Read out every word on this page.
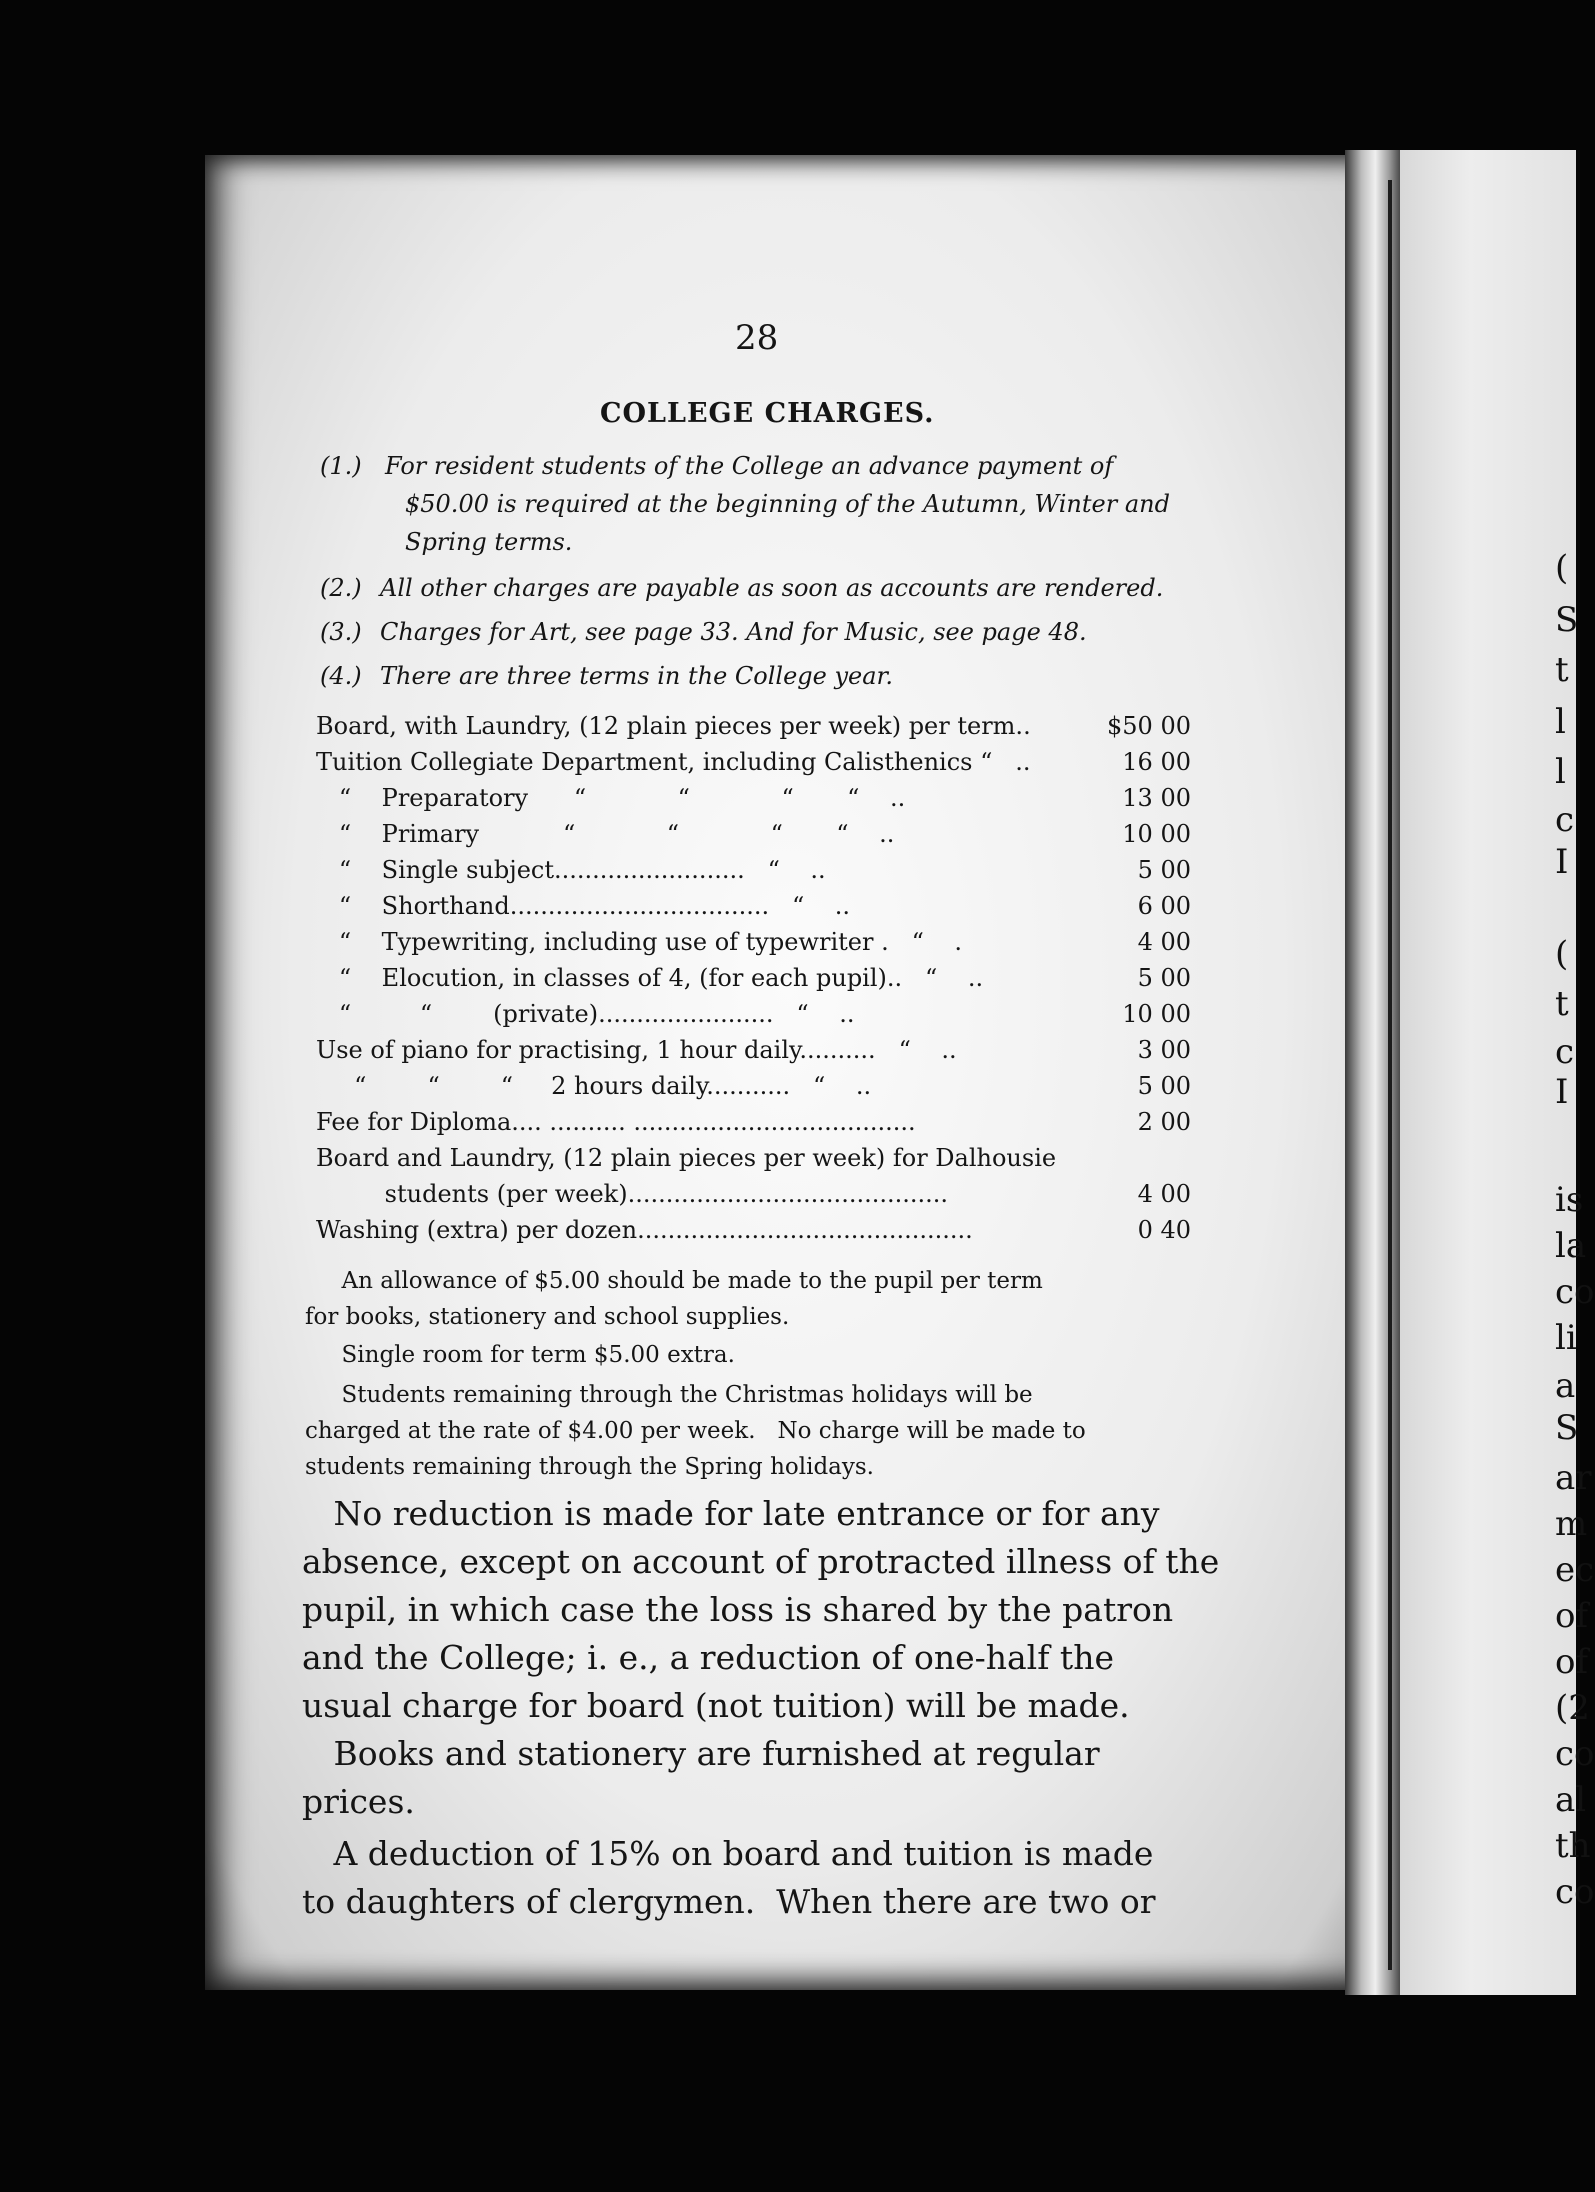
28
COLLEGE CHARGES.
(1.) For resident students of the College an advance payment of
$50.00 is required at the beginning of the Autumn, Winter and
Spring terms.
(2.) All other charges are payable as soon as accounts are rendered.
(3.) Charges for Art, see page 33. And for Music, see page 48.
(4.) There are three terms in the College year.
Board, with Laundry, (12 plain pieces per week) per term..	$50 00
Tuition Collegiate Department, including Calisthenics “   ..	16 00
“    Preparatory      “            “            “       “    ..	13 00
“    Primary           “            “            “       “    ..	10 00
“    Single subject.........................   “    ..	5 00
“    Shorthand..................................   “    ..	6 00
“    Typewriting, including use of typewriter .   “    .	4 00
“    Elocution, in classes of 4, (for each pupil)..   “    ..	5 00
“         “        (private).......................   “    ..	10 00
Use of piano for practising, 1 hour daily..........   “    ..	3 00
“        “        “     2 hours daily...........   “    ..	5 00
Fee for Diploma.... .......... .....................................	2 00
Board and Laundry, (12 plain pieces per week) for Dalhousie
students (per week)..........................................	4 00
Washing (extra) per dozen............................................	0 40
An allowance of $5.00 should be made to the pupil per term
for books, stationery and school supplies.
Single room for term $5.00 extra.
Students remaining through the Christmas holidays will be
charged at the rate of $4.00 per week.   No charge will be made to
students remaining through the Spring holidays.
No reduction is made for late entrance or for any
absence, except on account of protracted illness of the
pupil, in which case the loss is shared by the patron
and the College; i. e., a reduction of one-half the
usual charge for board (not tuition) will be made.
Books and stationery are furnished at regular
prices.
A deduction of 15% on board and tuition is made
to daughters of clergymen.  When there are two or
(
S
t
l
l
c
I
(
t
c
I
is
la
co
li
a
S
ar
m
ec
of
of
(2
co
al
th
co
